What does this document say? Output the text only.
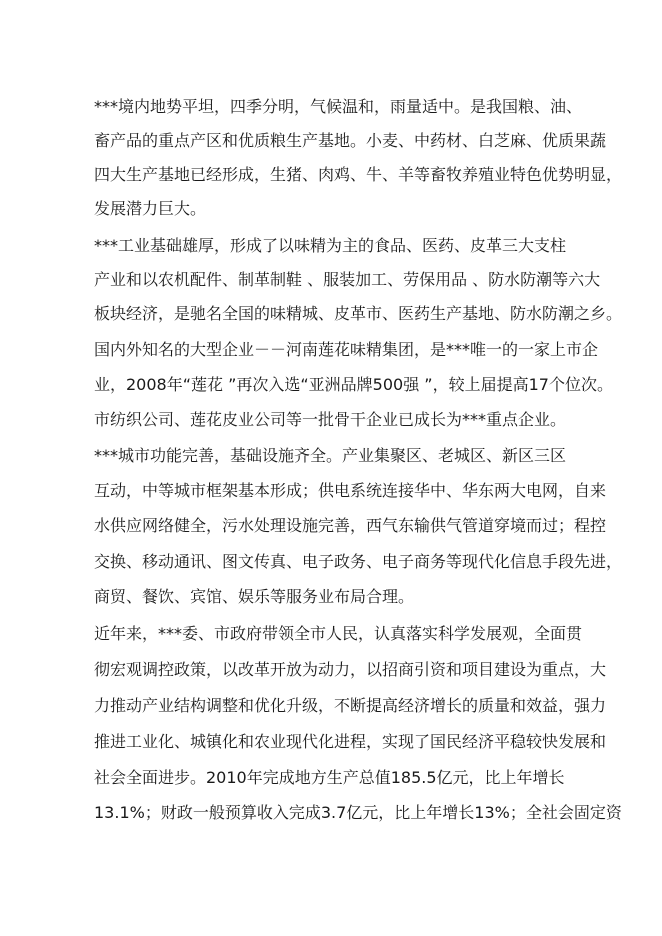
***境内地势平坦，四季分明，气候温和，雨量适中。是我国粮、油、
畜产品的重点产区和优质粮生产基地。小麦、中药材、白芝麻、优质果蔬
四大生产基地已经形成，生猪、肉鸡、牛、羊等畜牧养殖业特色优势明显，
发展潜力巨大。
***工业基础雄厚，形成了以味精为主的食品、医药、皮革三大支柱
产业和以农机配件、制革制鞋 、服装加工、劳保用品 、防水防潮等六大
板块经济，是驰名全国的味精城、皮革市、医药生产基地、防水防潮之乡。
国内外知名的大型企业－－河南莲花味精集团，是***唯一的一家上市企
业，2008年“莲花 ”再次入选“亚洲品牌500强 ”，较上届提高17个位次。
市纺织公司、莲花皮业公司等一批骨干企业已成长为***重点企业。
***城市功能完善，基础设施齐全。产业集聚区、老城区、新区三区
互动，中等城市框架基本形成；供电系统连接华中、华东两大电网，自来
水供应网络健全，污水处理设施完善，西气东输供气管道穿境而过；程控
交换、移动通讯、图文传真、电子政务、电子商务等现代化信息手段先进，
商贸、餐饮、宾馆、娱乐等服务业布局合理。
近年来，***委、市政府带领全市人民，认真落实科学发展观，全面贯
彻宏观调控政策，以改革开放为动力，以招商引资和项目建设为重点，大
力推动产业结构调整和优化升级，不断提高经济增长的质量和效益，强力
推进工业化、城镇化和农业现代化进程，实现了国民经济平稳较快发展和
社会全面进步。2010年完成地方生产总值185.5亿元，比上年增长
13.1%；财政一般预算收入完成3.7亿元，比上年增长13%；全社会固定资
